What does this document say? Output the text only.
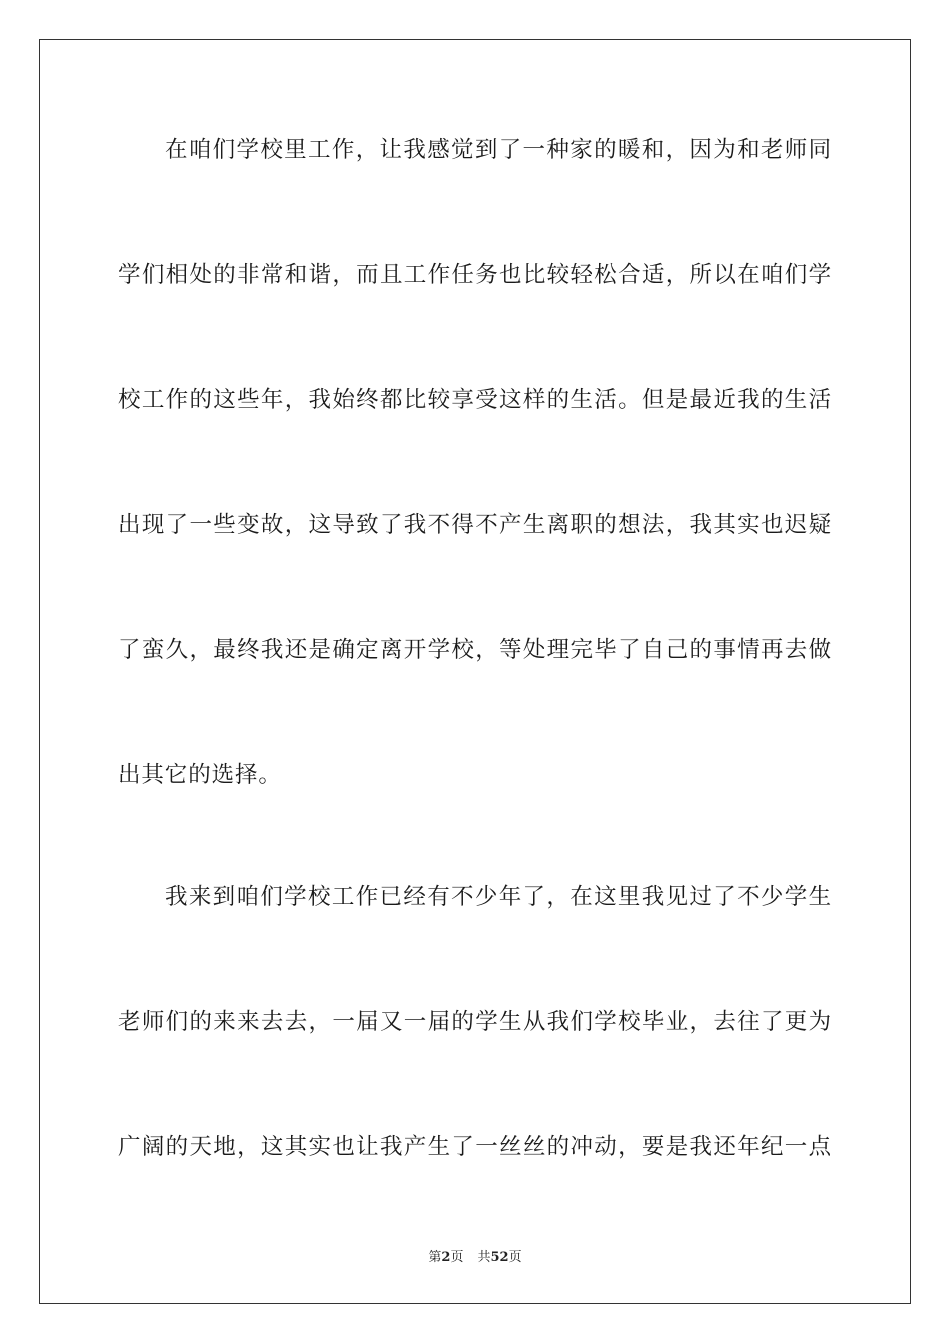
在咱们学校里工作，让我感觉到了一种家的暖和，因为和老师同
学们相处的非常和谐，而且工作任务也比较轻松合适，所以在咱们学
校工作的这些年，我始终都比较享受这样的生活。但是最近我的生活
出现了一些变故，这导致了我不得不产生离职的想法，我其实也迟疑
了蛮久，最终我还是确定离开学校，等处理完毕了自己的事情再去做
出其它的选择。
我来到咱们学校工作已经有不少年了，在这里我见过了不少学生
老师们的来来去去，一届又一届的学生从我们学校毕业，去往了更为
广阔的天地，这其实也让我产生了一丝丝的冲动，要是我还年纪一点
第2页 共52页
